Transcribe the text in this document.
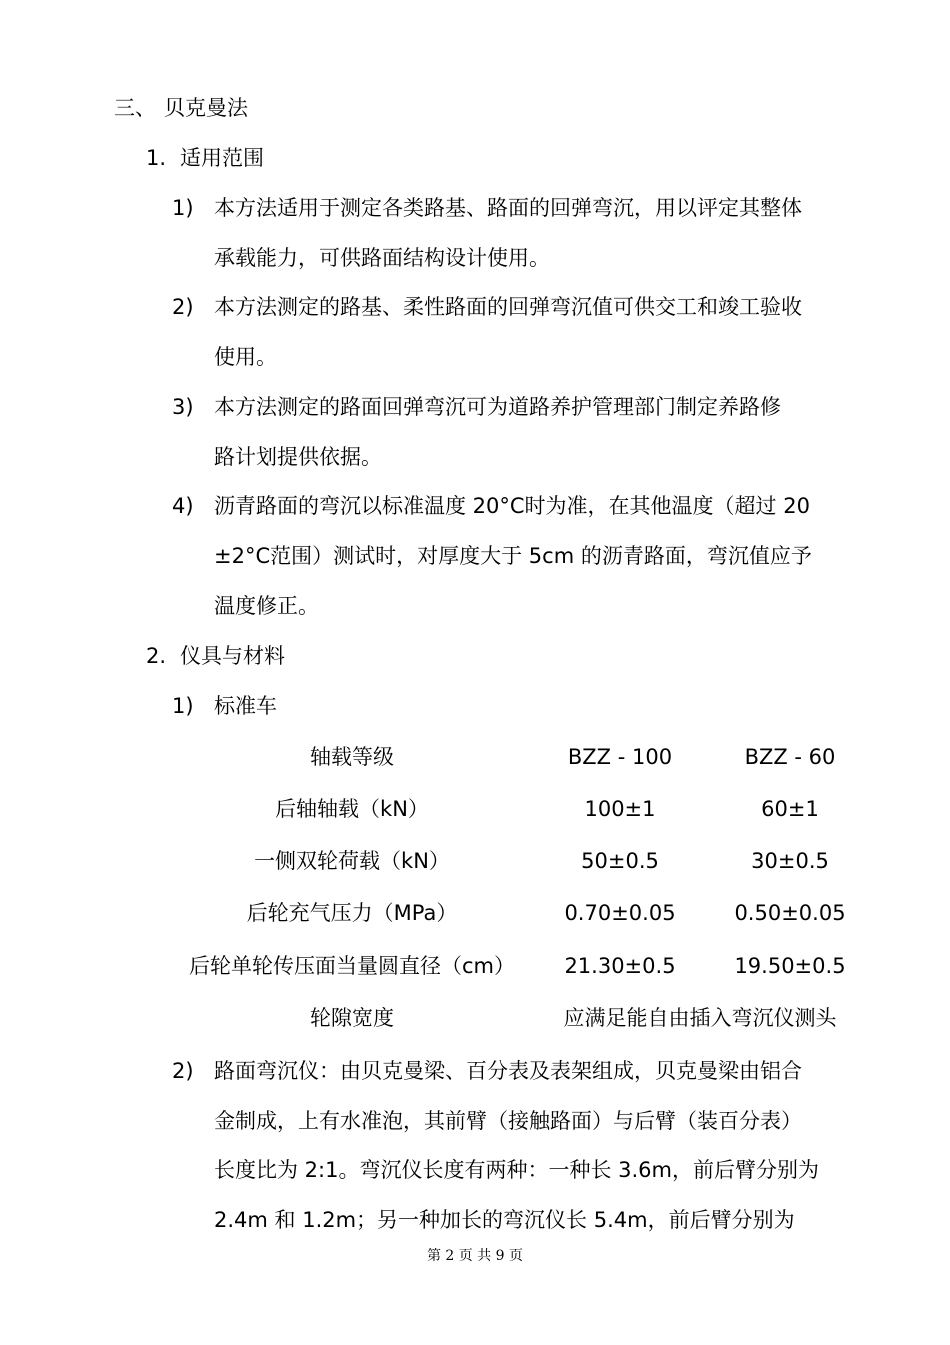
三、 贝克曼法
1. 适用范围
1) 本方法适用于测定各类路基、路面的回弹弯沉，用以评定其整体
承载能力，可供路面结构设计使用。
2) 本方法测定的路基、柔性路面的回弹弯沉值可供交工和竣工验收
使用。
3) 本方法测定的路面回弹弯沉可为道路养护管理部门制定养路修
路计划提供依据。
4) 沥青路面的弯沉以标准温度 20°C时为准，在其他温度（超过 20
±2°C范围）测试时，对厚度大于 5cm 的沥青路面，弯沉值应予
温度修正。
2. 仪具与材料
1) 标准车
轴载等级	BZZ - 100	BZZ - 60
后轴轴载（kN）	100±1	60±1
一侧双轮荷载（kN）	50±0.5	30±0.5
后轮充气压力（MPa）	0.70±0.05	0.50±0.05
后轮单轮传压面当量圆直径（cm）	21.30±0.5	19.50±0.5
轮隙宽度	应满足能自由插入弯沉仪测头
2) 路面弯沉仪：由贝克曼梁、百分表及表架组成，贝克曼梁由铝合
金制成，上有水准泡，其前臂（接触路面）与后臂（装百分表）
长度比为 2:1。弯沉仪长度有两种：一种长 3.6m，前后臂分别为
2.4m 和 1.2m；另一种加长的弯沉仪长 5.4m，前后臂分别为
第 2 页 共 9 页
